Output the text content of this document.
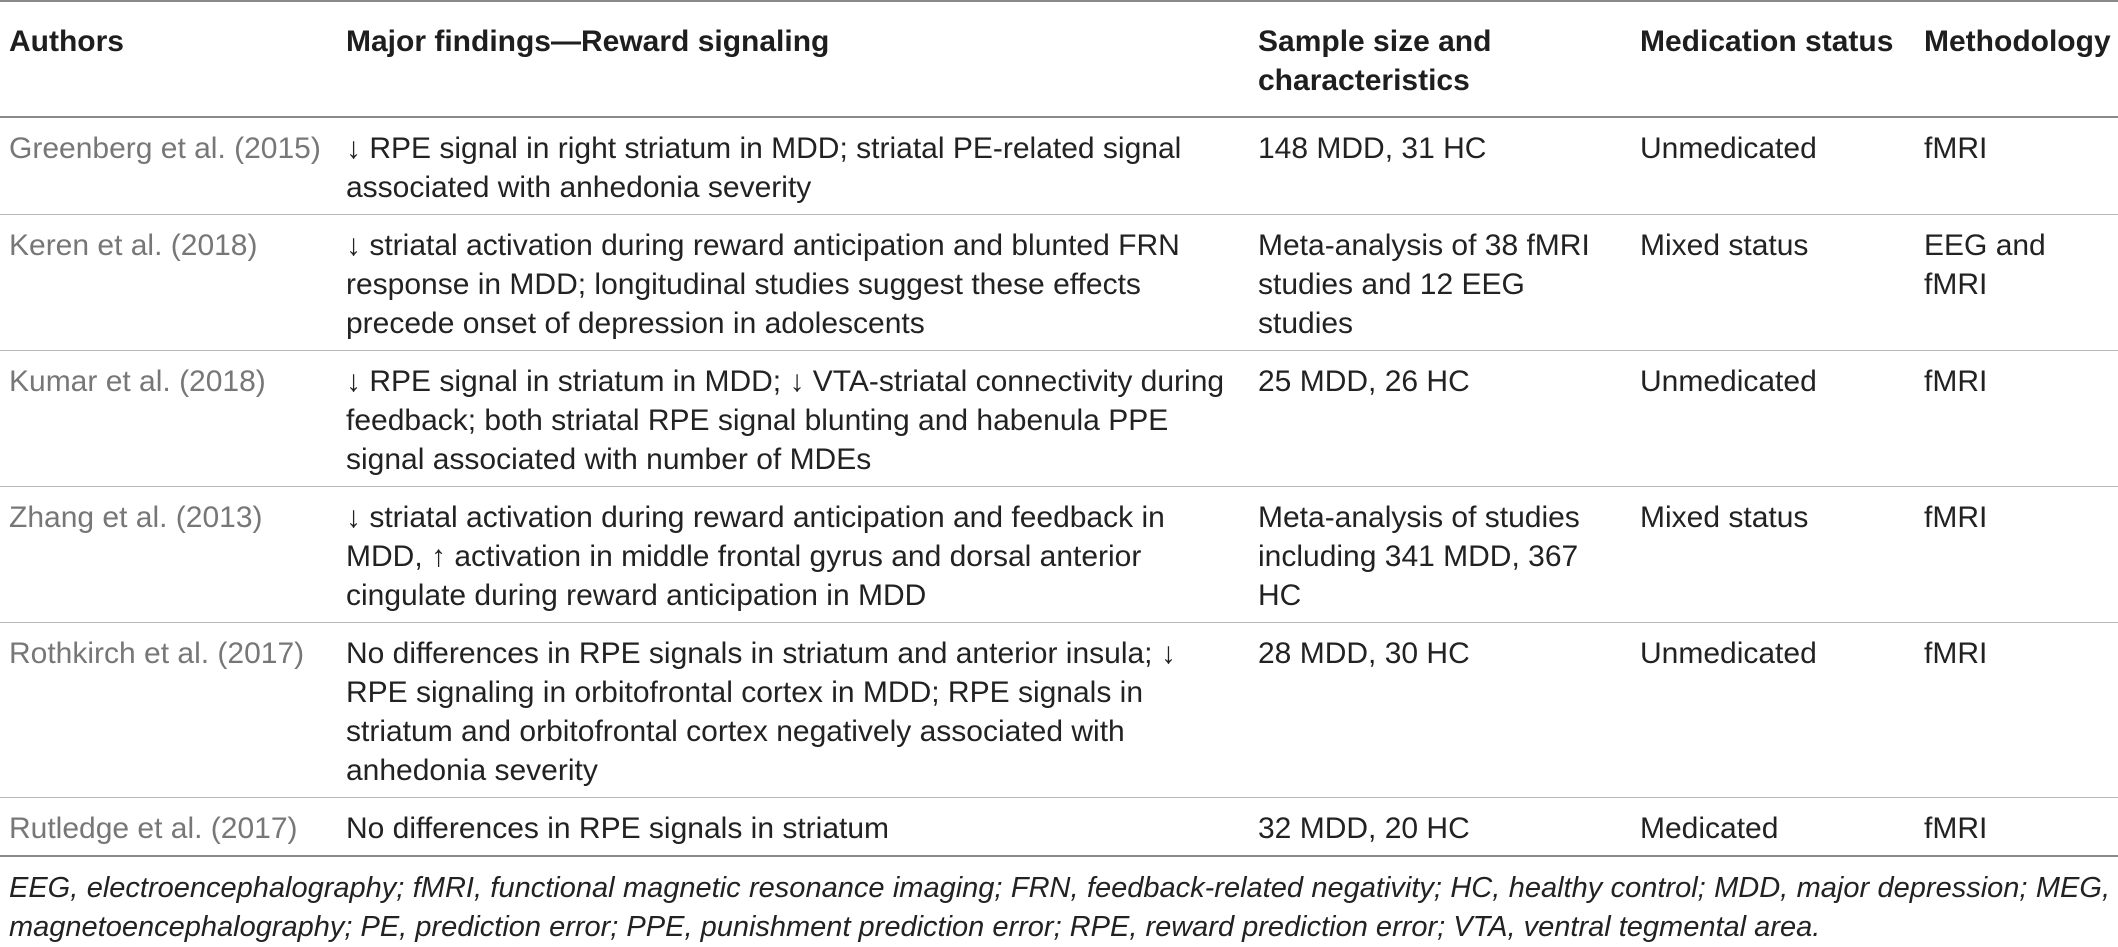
Authors	Major findings—Reward signaling	Sample size and characteristics	Medication status	Methodology
Greenberg et al. (2015)	↓ RPE signal in right striatum in MDD; striatal PE-related signal associated with anhedonia severity	148 MDD, 31 HC	Unmedicated	fMRI
Keren et al. (2018)	↓ striatal activation during reward anticipation and blunted FRN response in MDD; longitudinal studies suggest these effects precede onset of depression in adolescents	Meta-analysis of 38 fMRI studies and 12 EEG studies	Mixed status	EEG and fMRI
Kumar et al. (2018)	↓ RPE signal in striatum in MDD; ↓ VTA-striatal connectivity during feedback; both striatal RPE signal blunting and habenula PPE signal associated with number of MDEs	25 MDD, 26 HC	Unmedicated	fMRI
Zhang et al. (2013)	↓ striatal activation during reward anticipation and feedback in MDD, ↑ activation in middle frontal gyrus and dorsal anterior cingulate during reward anticipation in MDD	Meta-analysis of studies including 341 MDD, 367 HC	Mixed status	fMRI
Rothkirch et al. (2017)	No differences in RPE signals in striatum and anterior insula; ↓ RPE signaling in orbitofrontal cortex in MDD; RPE signals in striatum and orbitofrontal cortex negatively associated with anhedonia severity	28 MDD, 30 HC	Unmedicated	fMRI
Rutledge et al. (2017)	No differences in RPE signals in striatum	32 MDD, 20 HC	Medicated	fMRI
EEG, electroencephalography; fMRI, functional magnetic resonance imaging; FRN, feedback-related negativity; HC, healthy control; MDD, major depression; MEG, magnetoencephalography; PE, prediction error; PPE, punishment prediction error; RPE, reward prediction error; VTA, ventral tegmental area.
